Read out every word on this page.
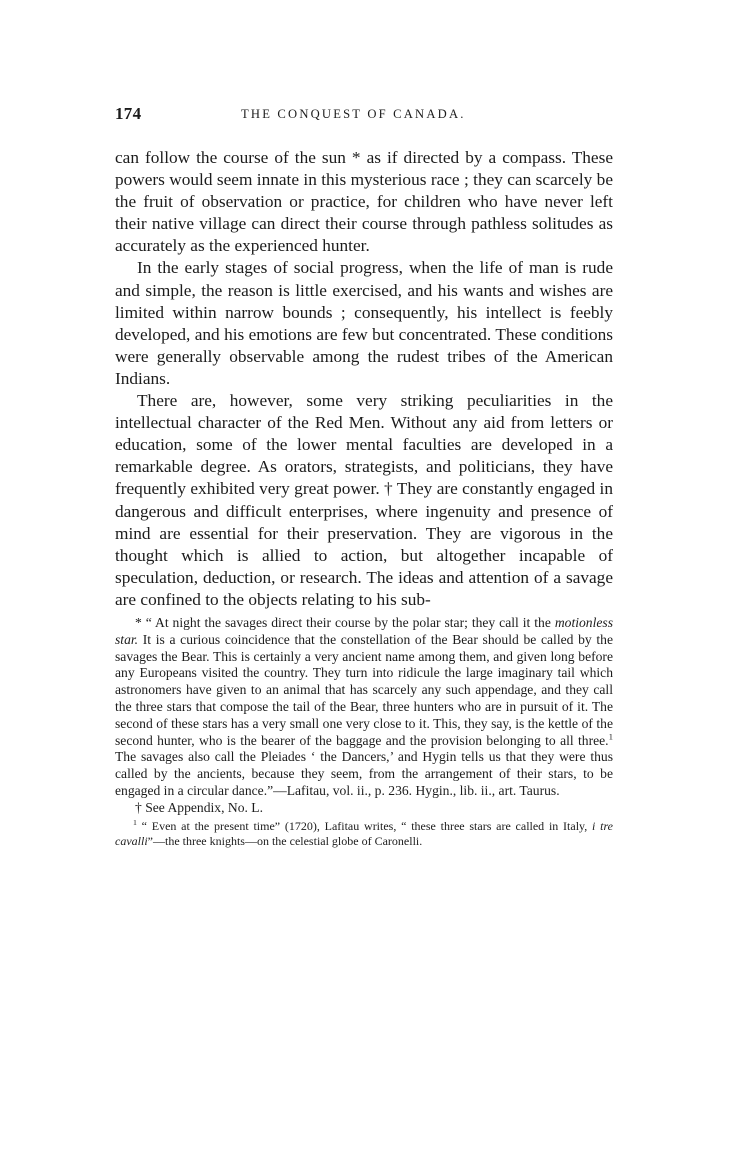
174	THE CONQUEST OF CANADA.

can follow the course of the sun * as if directed by a compass. These powers would seem innate in this mysterious race ; they can scarcely be the fruit of observation or practice, for children who have never left their native village can direct their course through pathless solitudes as accurately as the experienced hunter.

In the early stages of social progress, when the life of man is rude and simple, the reason is little exercised, and his wants and wishes are limited within narrow bounds ; consequently, his intellect is feebly developed, and his emotions are few but concentrated. These conditions were generally observable among the rudest tribes of the American Indians.

There are, however, some very striking peculiarities in the intellectual character of the Red Men. Without any aid from letters or education, some of the lower mental faculties are developed in a remarkable degree. As orators, strategists, and politicians, they have frequently exhibited very great power. † They are constantly engaged in dangerous and difficult enterprises, where ingenuity and presence of mind are essential for their preservation. They are vigorous in the thought which is allied to action, but altogether incapable of speculation, deduction, or research. The ideas and attention of a savage are confined to the objects relating to his sub-

* “ At night the savages direct their course by the polar star; they call it the motionless star. It is a curious coincidence that the constellation of the Bear should be called by the savages the Bear. This is certainly a very ancient name among them, and given long before any Europeans visited the country. They turn into ridicule the large imaginary tail which astronomers have given to an animal that has scarcely any such appendage, and they call the three stars that compose the tail of the Bear, three hunters who are in pursuit of it. The second of these stars has a very small one very close to it. This, they say, is the kettle of the second hunter, who is the bearer of the baggage and the provision belonging to all three.$^1$ The savages also call the Pleiades ‘ the Dancers,’ and Hygin tells us that they were thus called by the ancients, because they seem, from the arrangement of their stars, to be engaged in a circular dance.”—Lafitau, vol. ii., p. 236. Hygin., lib. ii., art. Taurus.

† See Appendix, No. L.

$^1$ “ Even at the present time” (1720), Lafitau writes, “ these three stars are called in Italy, i tre cavalli”—the three knights—on the celestial globe of Caronelli.
